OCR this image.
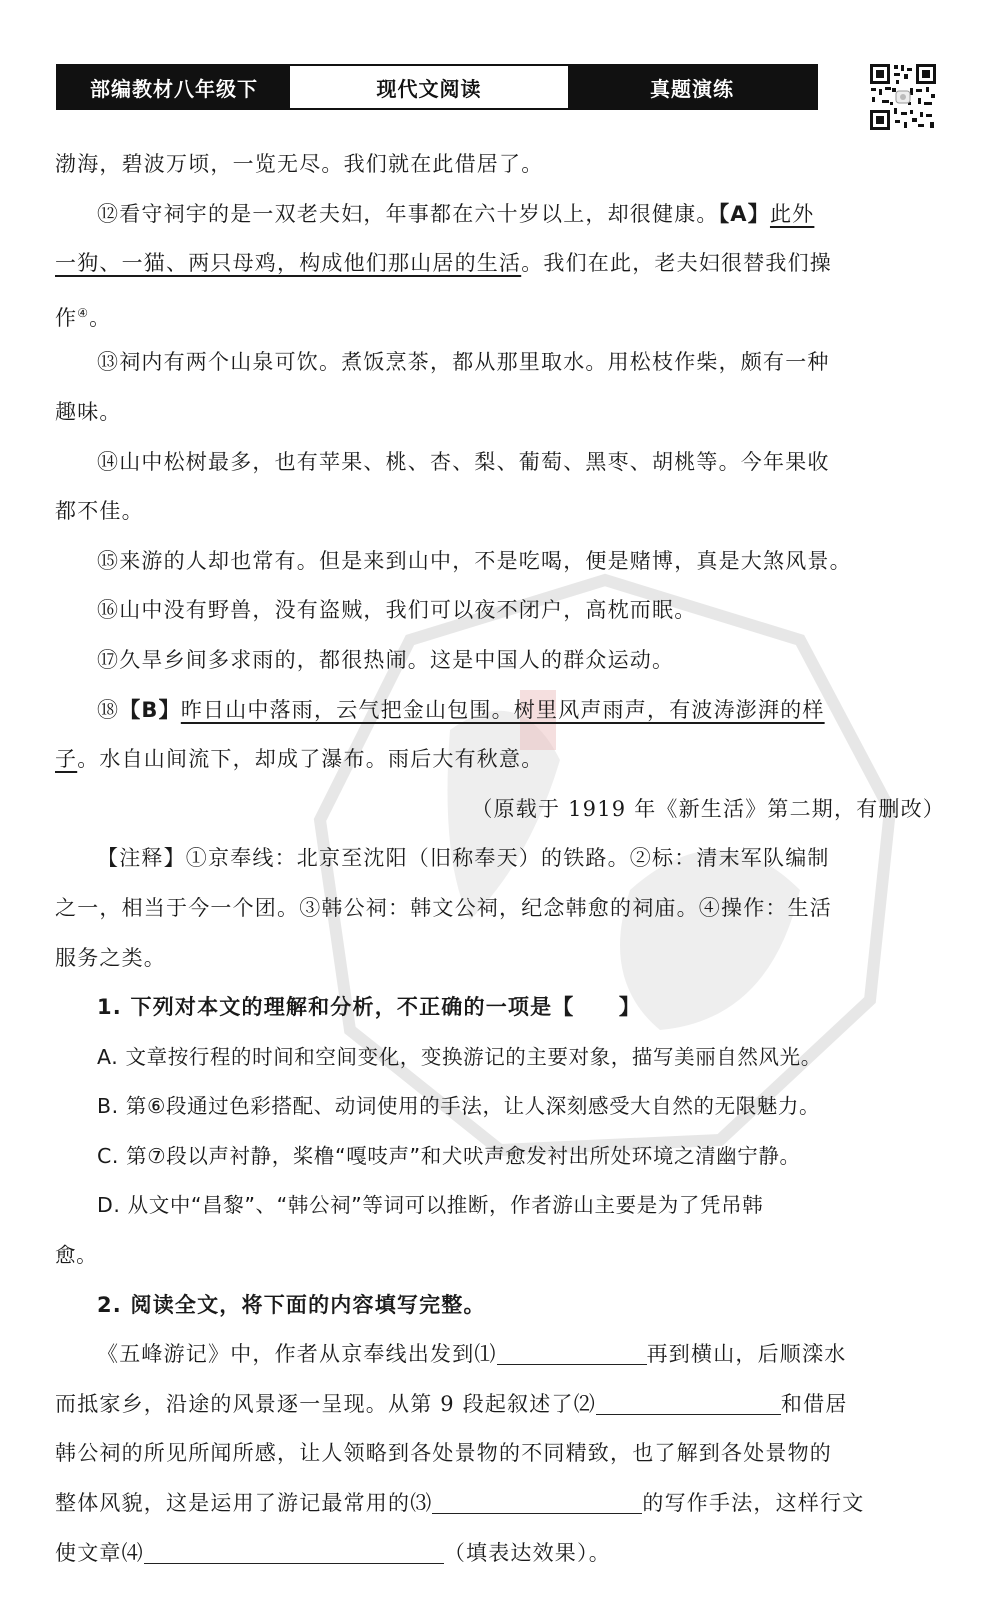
部编教材八年级下	现代文阅读	真题演练
渤海，碧波万顷，一览无尽。我们就在此借居了。
⑫看守祠宇的是一双老夫妇，年事都在六十岁以上，却很健康。【A】此外
一狗、一猫、两只母鸡，构成他们那山居的生活。我们在此，老夫妇很替我们操
作④。
⑬祠内有两个山泉可饮。煮饭烹茶，都从那里取水。用松枝作柴，颇有一种
趣味。
⑭山中松树最多，也有苹果、桃、杏、梨、葡萄、黑枣、胡桃等。今年果收
都不佳。
⑮来游的人却也常有。但是来到山中，不是吃喝，便是赌博，真是大煞风景。
⑯山中没有野兽，没有盗贼，我们可以夜不闭户，高枕而眠。
⑰久旱乡间多求雨的，都很热闹。这是中国人的群众运动。
⑱【B】昨日山中落雨，云气把金山包围。树里风声雨声，有波涛澎湃的样
子。水自山间流下，却成了瀑布。雨后大有秋意。
（原载于 1919 年《新生活》第二期，有删改）
【注释】①京奉线：北京至沈阳（旧称奉天）的铁路。②标：清末军队编制
之一，相当于今一个团。③韩公祠：韩文公祠，纪念韩愈的祠庙。④操作：生活
服务之类。
1. 下列对本文的理解和分析，不正确的一项是【　　】
A. 文章按行程的时间和空间变化，变换游记的主要对象，描写美丽自然风光。
B. 第⑥段通过色彩搭配、动词使用的手法，让人深刻感受大自然的无限魅力。
C. 第⑦段以声衬静，桨橹“嘎吱声”和犬吠声愈发衬出所处环境之清幽宁静。
D. 从文中“昌黎”、“韩公祠”等词可以推断，作者游山主要是为了凭吊韩
愈。
2. 阅读全文，将下面的内容填写完整。
《五峰游记》中，作者从京奉线出发到⑴	再到横山，后顺滦水
而抵家乡，沿途的风景逐一呈现。从第 9 段起叙述了⑵	和借居
韩公祠的所见所闻所感，让人领略到各处景物的不同精致，也了解到各处景物的
整体风貌，这是运用了游记最常用的⑶	的写作手法，这样行文
使文章⑷	（填表达效果）。
